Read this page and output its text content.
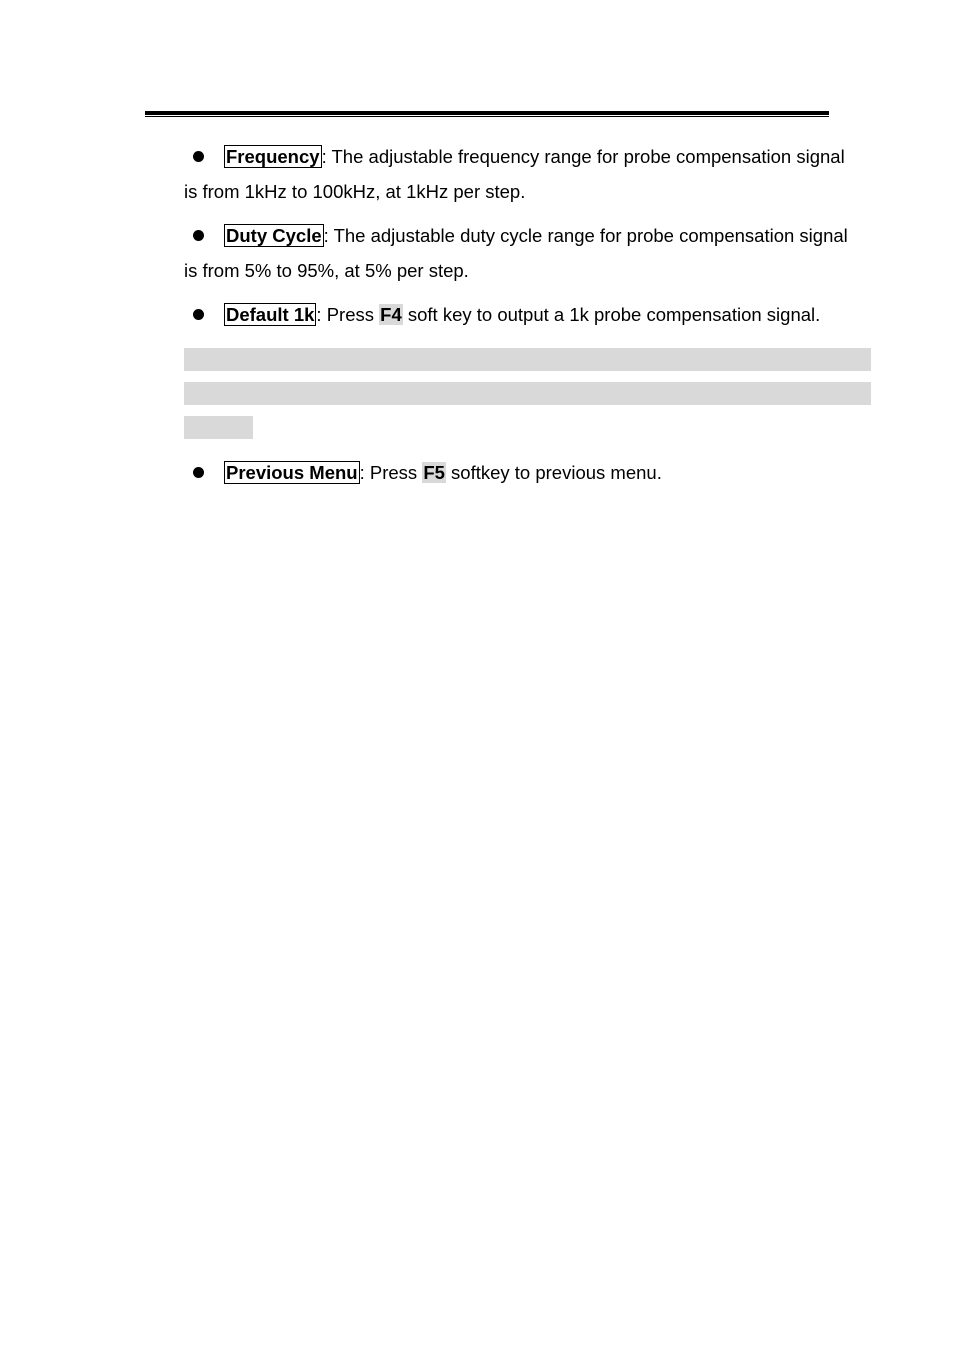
Frequency : The adjustable frequency range for probe compensation signal
is from 1kHz to 100kHz, at 1kHz per step.
Duty Cycle : The adjustable duty cycle range for probe compensation signal
is from 5% to 95%, at 5% per step.
Default 1k : Press F4 soft key to output a 1k probe compensation signal.
Previous Menu : Press F5 softkey to previous menu.
